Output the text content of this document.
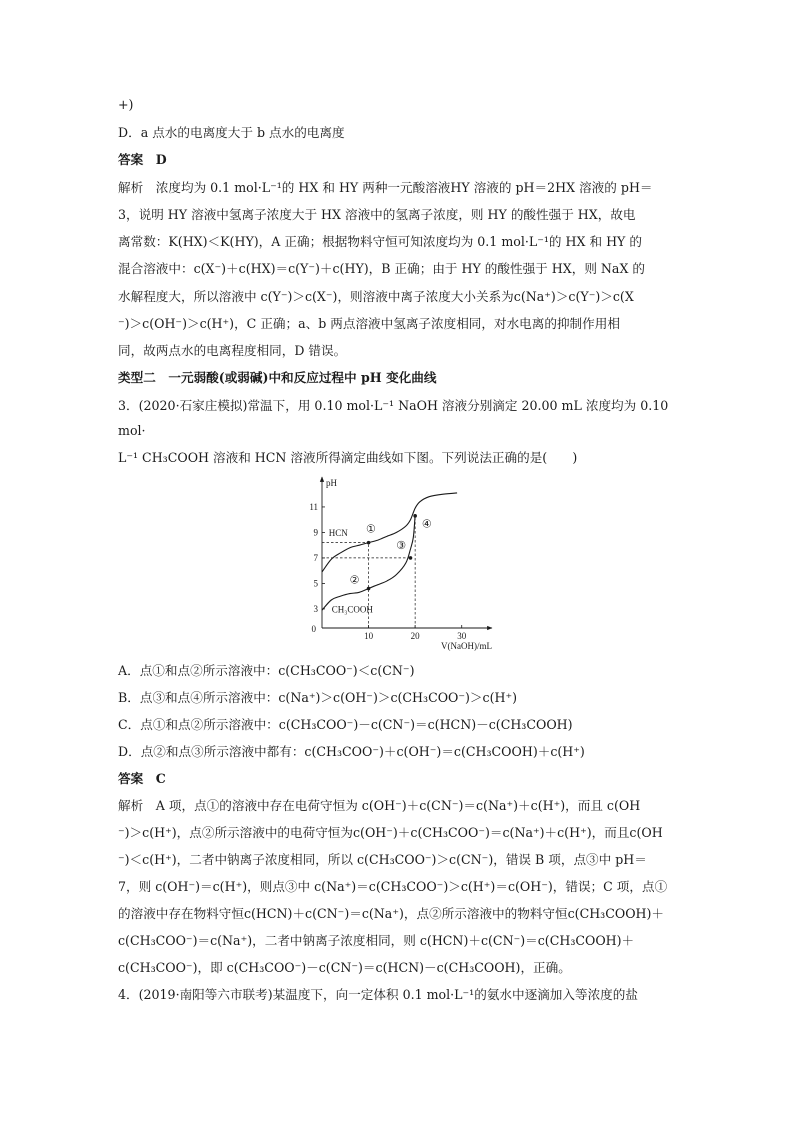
+)
D．a 点水的电离度大于 b 点水的电离度
答案　D
解析　浓度均为 0.1 mol·L⁻¹的 HX 和 HY 两种一元酸溶液HY 溶液的 pH＝2HX 溶液的 pH＝
3，说明 HY 溶液中氢离子浓度大于 HX 溶液中的氢离子浓度，则 HY 的酸性强于 HX，故电
离常数：K(HX)＜K(HY)，A 正确；根据物料守恒可知浓度均为 0.1 mol·L⁻¹的 HX 和 HY 的
混合溶液中：c(X⁻)＋c(HX)＝c(Y⁻)＋c(HY)，B 正确；由于 HY 的酸性强于 HX，则 NaX 的
水解程度大，所以溶液中 c(Y⁻)＞c(X⁻)，则溶液中离子浓度大小关系为c(Na⁺)＞c(Y⁻)＞c(X
⁻)＞c(OH⁻)＞c(H⁺)，C 正确；a、b 两点溶液中氢离子浓度相同，对水电离的抑制作用相
同，故两点水的电离程度相同，D 错误。
类型二　一元弱酸(或弱碱)中和反应过程中 pH 变化曲线
3．(2020·石家庄模拟)常温下，用 0.10 mol·L⁻¹ NaOH 溶液分别滴定 20.00 mL 浓度均为 0.10
mol·
L⁻¹ CH₃COOH 溶液和 HCN 溶液所得滴定曲线如下图。下列说法正确的是(　　)
pH
V(NaOH)/mL
0
3
5
7
9
11
10	20	30
HCN
CH₃COOH
①
②
③
④
A．点①和点②所示溶液中：c(CH₃COO⁻)＜c(CN⁻)
B．点③和点④所示溶液中：c(Na⁺)＞c(OH⁻)＞c(CH₃COO⁻)＞c(H⁺)
C．点①和点②所示溶液中：c(CH₃COO⁻)－c(CN⁻)＝c(HCN)－c(CH₃COOH)
D．点②和点③所示溶液中都有：c(CH₃COO⁻)＋c(OH⁻)＝c(CH₃COOH)＋c(H⁺)
答案　C
解析　A 项，点①的溶液中存在电荷守恒为 c(OH⁻)＋c(CN⁻)＝c(Na⁺)＋c(H⁺)，而且 c(OH
⁻)＞c(H⁺)，点②所示溶液中的电荷守恒为c(OH⁻)＋c(CH₃COO⁻)＝c(Na⁺)＋c(H⁺)，而且c(OH
⁻)＜c(H⁺)，二者中钠离子浓度相同，所以 c(CH₃COO⁻)＞c(CN⁻)，错误 B 项，点③中 pH＝
7，则 c(OH⁻)＝c(H⁺)，则点③中 c(Na⁺)＝c(CH₃COO⁻)＞c(H⁺)＝c(OH⁻)，错误；C 项，点①
的溶液中存在物料守恒c(HCN)＋c(CN⁻)＝c(Na⁺)，点②所示溶液中的物料守恒c(CH₃COOH)＋
c(CH₃COO⁻)＝c(Na⁺)，二者中钠离子浓度相同，则 c(HCN)＋c(CN⁻)＝c(CH₃COOH)＋
c(CH₃COO⁻)，即 c(CH₃COO⁻)－c(CN⁻)＝c(HCN)－c(CH₃COOH)，正确。
4．(2019·南阳等六市联考)某温度下，向一定体积 0.1 mol·L⁻¹的氨水中逐滴加入等浓度的盐
